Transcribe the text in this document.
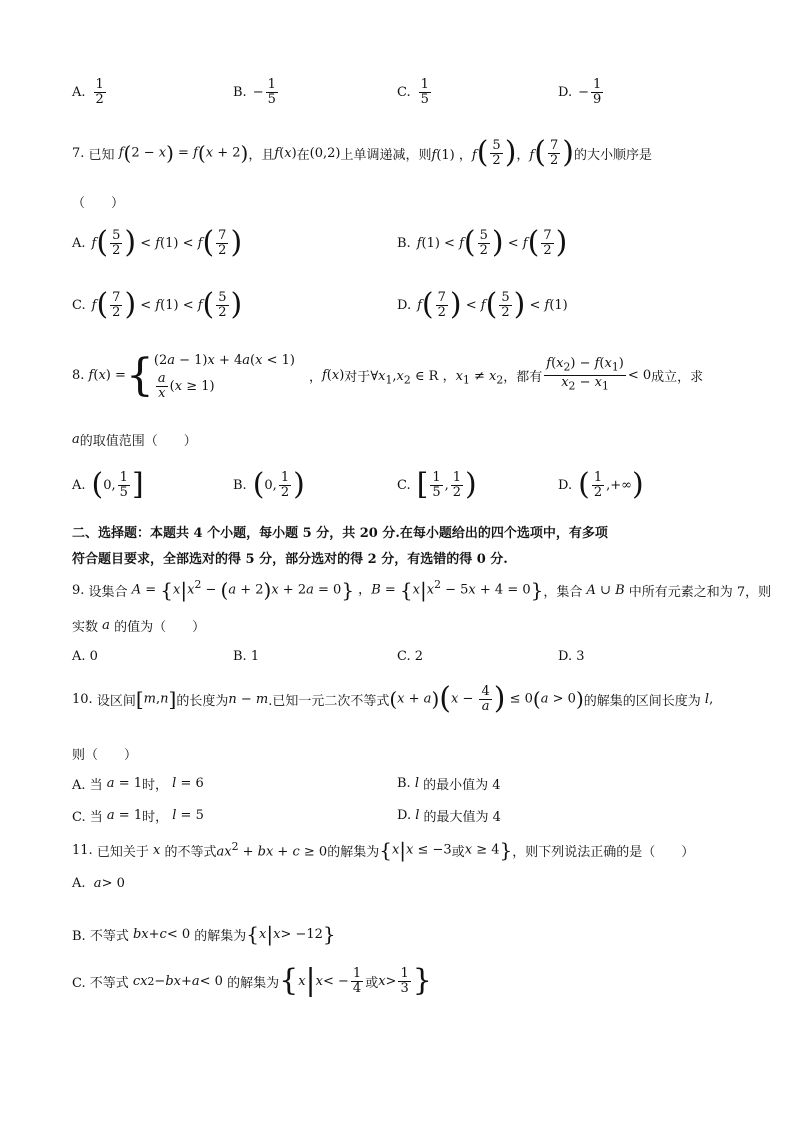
A. $\frac{1}{2}$	B. − $\frac{1}{5}$	C. $\frac{1}{5}$	D. − $\frac{1}{9}$
7.
已知 f(2 − x) = f(x + 2) ，且 f(x) 在 (0,2) 上单调递减，则 f(1) ，f ( $\frac{5}{2}$ ) ，f ( $\frac{7}{2}$ ) 的大小顺序是
（　　）
A. f ( $\frac{5}{2}$ ) < f (1) < f ( $\frac{7}{2}$ )	B. f (1) < f ( $\frac{5}{2}$ ) < f ( $\frac{7}{2}$ )
C. f ( $\frac{7}{2}$ ) < f (1) < f ( $\frac{5}{2}$ )	D. f ( $\frac{7}{2}$ ) < f ( $\frac{5}{2}$ ) < f (1)
8.
f(x) = { (2a − 1)x + 4a(x < 1)
$\frac{a}{x} (x \ge 1)$
， f(x) 对于 $\forall x_1,x_2$ ∈ R ，$x_1 \ne x_2$ ，都有 $\frac{f(x_2) - f(x_1)}{x_2 - x_1} < 0$ 成立，求
a 的取值范围（　　）
A. ( 0, $\frac{1}{5}$ ]	B. ( 0, $\frac{1}{2}$ )	C. [ $\frac{1}{5}$ , $\frac{1}{2}$ )	D. ( $\frac{1}{2}$ ,+∞ )
二、选择题：本题共 4 个小题，每小题 5 分，共 20 分.在每小题给出的四个选项中，有多项
符合题目要求，全部选对的得 5 分，部分选对的得 2 分，有选错的得 0 分.
9.
设集合 $A = \{x|x^2 - (a + 2)x + 2a = 0\}$ ，$B = \{x|x^2 - 5x + 4 = 0\}$ ，集合 A ∪ B 中所有元素之和为 7，则
实数
a
的值为（　　）
A. 0	B. 1	C. 2	D. 3
10.
设区间 [m,n] 的长度为 n − m .已知一元二次不等式 $(x + a)(x - \frac{4}{a}$ ) ≤ 0(a > 0) 的解集的区间长度为
l ,
则（　　）
A. 当
a = 1 时，
l = 6	B.
l
的最小值为 4
C. 当
a = 1 时，
l = 5	D.
l
的最大值为 4
11.
已知关于
x
的不等式 $ax^2$ + bx + c ≥ 0 的解集为 {x|x ≤ −3 或 x ≥ 4} ，则下列说法正确的是（　　）
A.
a > 0
B. 不等式
bx + c < 0 的解集为 { x | x > −12 }
C. 不等式
cx 2 − bx + a < 0 的解集为 { x | x < − $\frac{1}{4}$ 或 $x > \frac{1}{3}$ }
